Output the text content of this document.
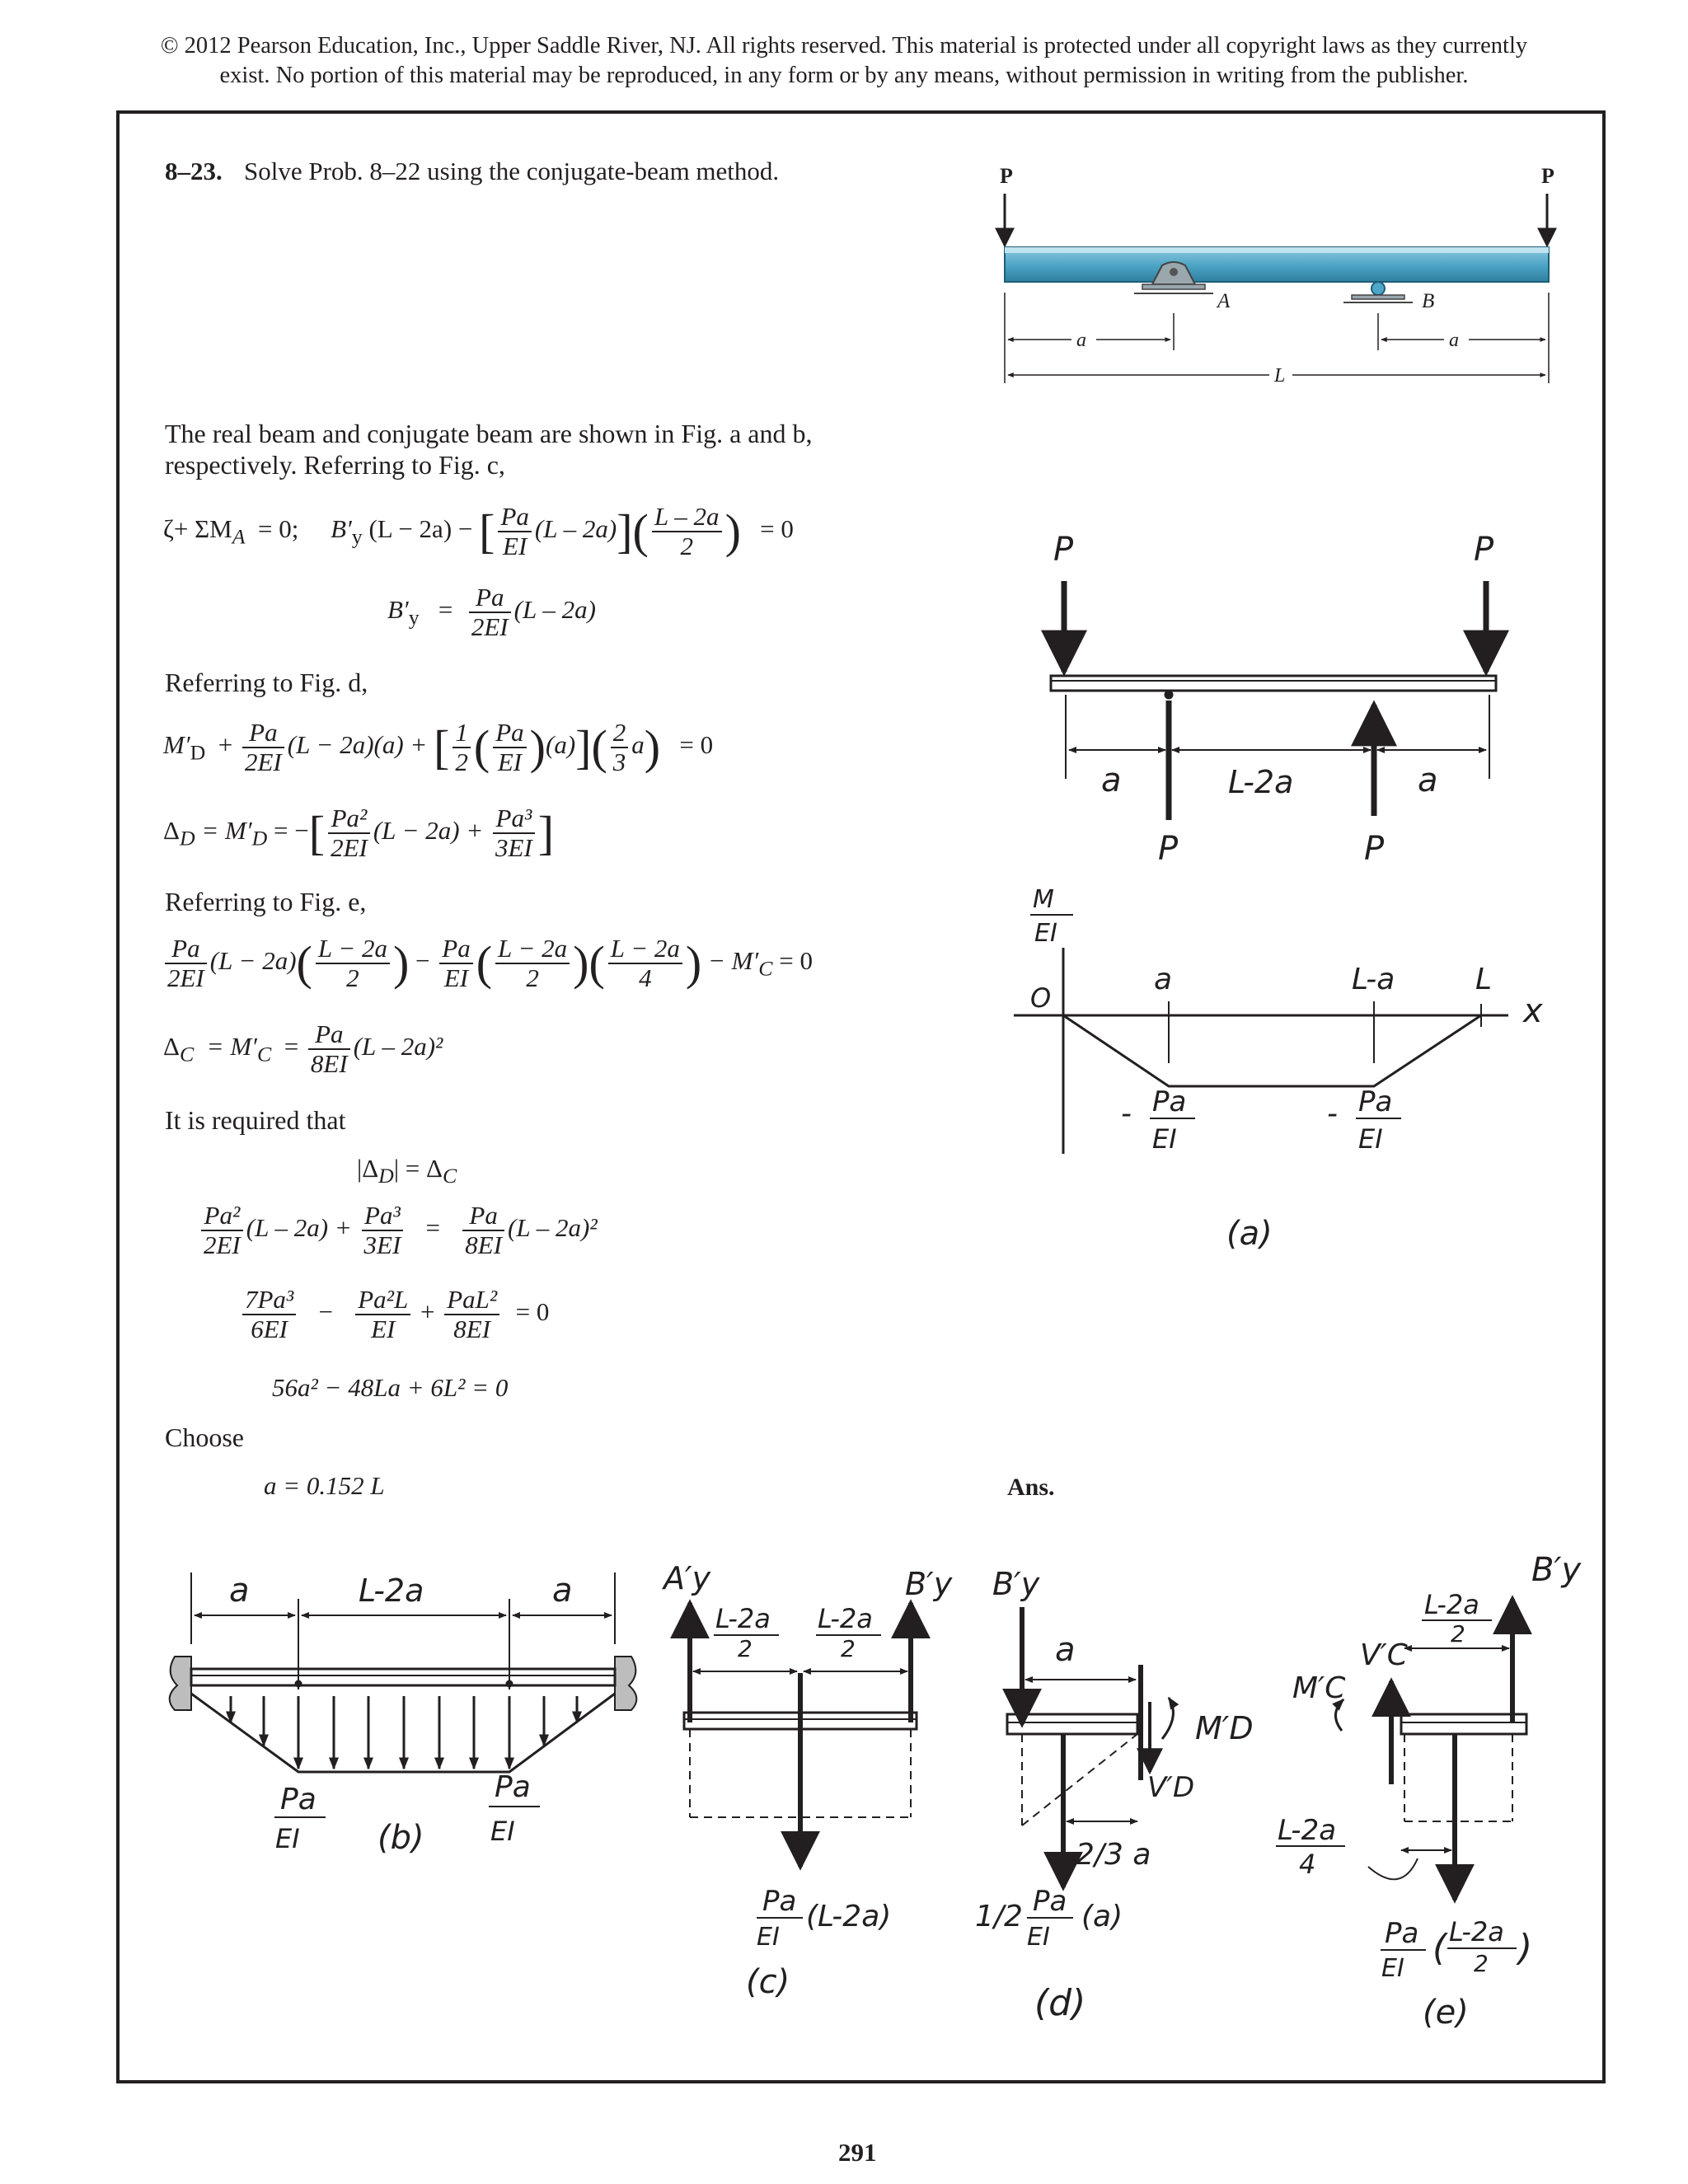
© 2012 Pearson Education, Inc., Upper Saddle River, NJ. All rights reserved. This material is protected under all copyright laws as they currently
exist. No portion of this material may be reproduced, in any form or by any means, without permission in writing from the publisher.
8–23. Solve Prob. 8–22 using the conjugate-beam method.
The real beam and conjugate beam are shown in Fig. a and b,
respectively. Referring to Fig. c,
$\zeta+ \Sigma M_A = 0$; $B'_y$ (L − 2a) − [ $\frac{Pa}{EI} (L - 2a)]( \frac{L - 2a}{2}$ ) = 0
$B'_y = \frac{Pa}{2EI} (L - 2a)$
Referring to Fig. d,
$M'_D + \frac{Pa}{2EI} (L - 2a)(a)$ + [ $\frac{1}{2}$ ( $\frac{Pa}{EI} )(a)]( \frac{2}{3} a) = 0$
$\Delta_D = M'_D$ = −[ $\frac{\text{Pa²}}{2EI} (L - 2a) + \frac{\text{Pa³}}{3EI}$ ]
Referring to Fig. e,
$\frac{Pa}{2EI} (L - 2a)( \frac{L - 2a}{2}$ ) − $\frac{Pa}{EI}$ ( $\frac{L - 2a}{2}$ )( $\frac{L - 2a}{4}$ ) − $M'_C = 0$
$\Delta_C = M'_C = \frac{Pa}{8EI} (L - 2a)^2$
It is required that
$|\Delta_D| = \Delta_C$
$\frac{\text{Pa²}}{2EI} (L - 2a) + \frac{\text{Pa³}}{3EI} = \frac{Pa}{8EI} (L - 2a)^2$
$\frac{\text{7Pa³}}{6EI} - \frac{\text{Pa²L}}{EI} + \frac{\text{PaL²}}{8EI} = 0$
56a² − 48La + 6L² = 0
Choose
a = 0.152 L	Ans.
P	P
A	B
a	a
L
P	P
a	L-2a	a
P	P
M
EI
O
a	L-a	L
x
- Pa
EI
- Pa
EI
(a)
a	L-2a	a
Pa
EI
Pa
EI
(b)
A′y	B′y
L-2a
2
L-2a
2
Pa
EI
(L-2a)
(c)
B′y
a
M′D
V′D
2/3 a
1/2 Pa
EI
(a)
(d)
B′y
L-2a
2
M′C
V′C
L-2a
4
Pa
EI ( L-2a
2 )
(e)
291
